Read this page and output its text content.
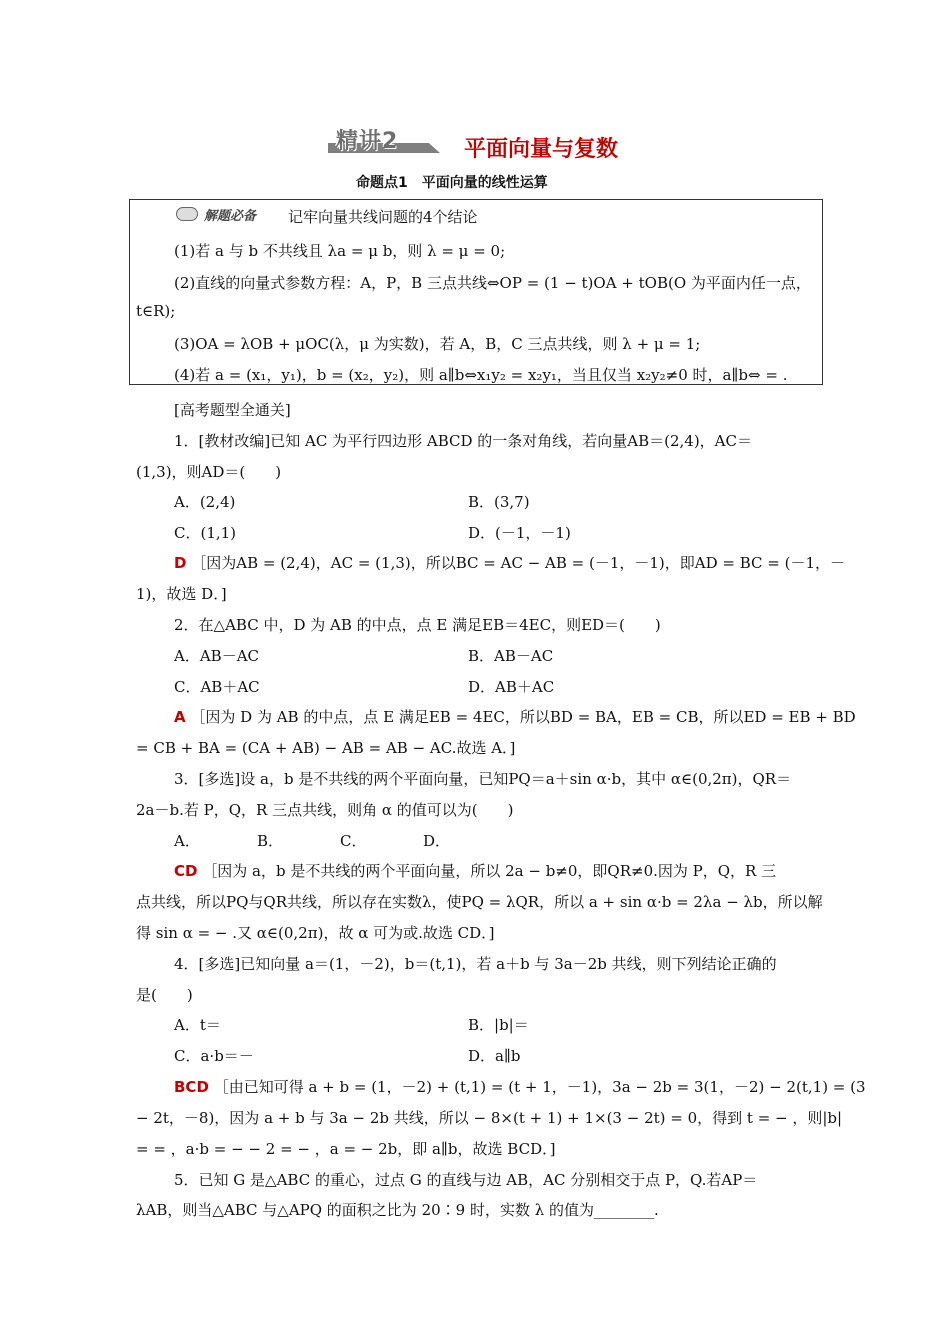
精讲2	平面向量与复数
命题点1　平面向量的线性运算
解题必备 记牢向量共线问题的4个结论
(1)若 a 与 b 不共线且 λa = μ b，则 λ = μ = 0;
(2)直线的向量式参数方程：A，P，B 三点共线⇔OP = (1 − t)OA + tOB(O 为平面内任一点，
t∈R);
(3)OA = λOB + μOC(λ，μ 为实数)，若 A，B，C 三点共线，则 λ + μ = 1;
(4)若 a = (x₁，y₁)，b = (x₂，y₂)，则 a∥b⇔x₁y₂ = x₂y₁，当且仅当 x₂y₂≠0 时，a∥b⇔ = .
[高考题型全通关]
1．[教材改编]已知 AC 为平行四边形 ABCD 的一条对角线，若向量AB＝(2,4)，AC＝
(1,3)，则AD＝(　　)
A．(2,4)	B．(3,7)
C．(1,1)	D．(－1，－1)
D ［因为AB = (2,4)，AC = (1,3)，所以BC = AC − AB = (－1，－1)，即AD = BC = (－1，－
1)，故选 D．]
2．在△ABC 中，D 为 AB 的中点，点 E 满足EB＝4EC，则ED＝(　　)
A．AB－AC	B．AB－AC
C．AB＋AC	D．AB＋AC
A ［因为 D 为 AB 的中点，点 E 满足EB = 4EC，所以BD = BA，EB = CB，所以ED = EB + BD
= CB + BA = (CA + AB) − AB = AB − AC.故选 A．]
3．[多选]设 a，b 是不共线的两个平面向量，已知PQ＝a＋sin α·b，其中 α∈(0,2π)，QR＝
2a－b.若 P，Q，R 三点共线，则角 α 的值可以为(　　)
A．	B．	C．	D．
CD ［因为 a，b 是不共线的两个平面向量，所以 2a − b≠0，即QR≠0.因为 P，Q，R 三
点共线，所以PQ与QR共线，所以存在实数λ，使PQ = λQR，所以 a + sin α·b = 2λa − λb，所以解
得 sin α = − .又 α∈(0,2π)，故 α 可为或.故选 CD．]
4．[多选]已知向量 a＝(1，－2)，b＝(t,1)，若 a＋b 与 3a－2b 共线，则下列结论正确的
是(　　)
A．t＝	B．|b|＝
C．a·b＝－	D．a∥b
BCD ［由已知可得 a + b = (1，－2) + (t,1) = (t + 1，－1)，3a − 2b = 3(1，－2) − 2(t,1) = (3
− 2t，－8)，因为 a + b 与 3a − 2b 共线，所以 − 8×(t + 1) + 1×(3 − 2t) = 0，得到 t = − ，则|b|
= = ，a·b = − − 2 = − ，a = − 2b，即 a∥b，故选 BCD．]
5．已知 G 是△ABC 的重心，过点 G 的直线与边 AB，AC 分别相交于点 P，Q.若AP＝
λAB，则当△ABC 与△APQ 的面积之比为 20∶9 时，实数 λ 的值为________.
